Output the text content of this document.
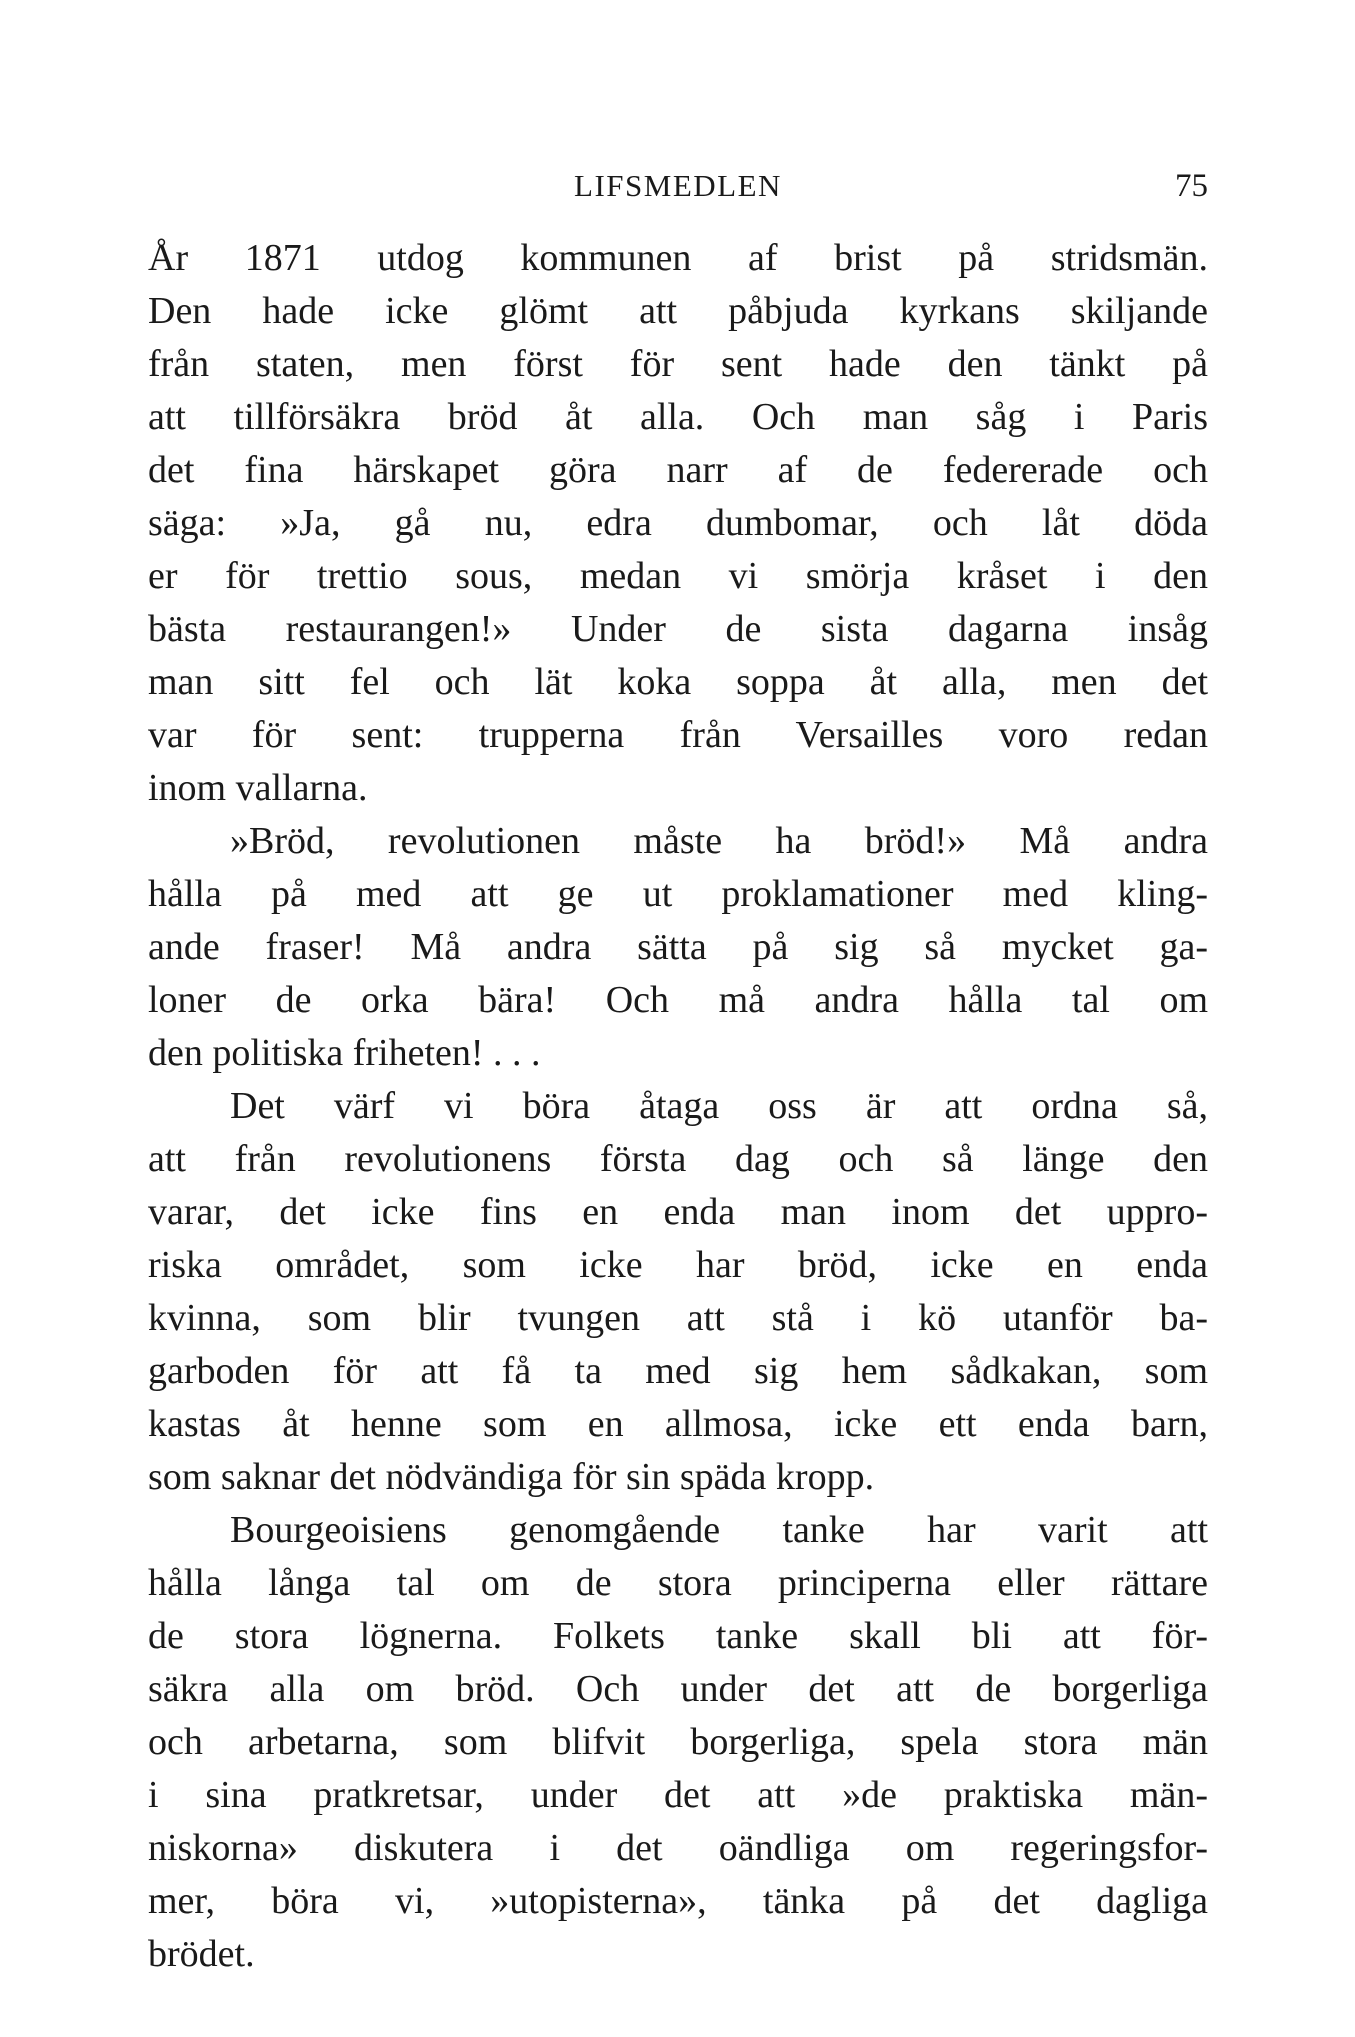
LIFSMEDLEN	75
År 1871 utdog kommunen af brist på stridsmän.
Den hade icke glömt att påbjuda kyrkans skiljande
från staten, men först för sent hade den tänkt på
att tillförsäkra bröd åt alla. Och man såg i Paris
det fina härskapet göra narr af de federerade och
säga: »Ja, gå nu, edra dumbomar, och låt döda
er för trettio sous, medan vi smörja kråset i den
bästa restaurangen!» Under de sista dagarna insåg
man sitt fel och lät koka soppa åt alla, men det
var för sent: trupperna från Versailles voro redan
inom vallarna.
»Bröd, revolutionen måste ha bröd!» Må andra
hålla på med att ge ut proklamationer med kling-
ande fraser! Må andra sätta på sig så mycket ga-
loner de orka bära! Och må andra hålla tal om
den politiska friheten! . . .
Det värf vi böra åtaga oss är att ordna så,
att från revolutionens första dag och så länge den
varar, det icke fins en enda man inom det uppro-
riska området, som icke har bröd, icke en enda
kvinna, som blir tvungen att stå i kö utanför ba-
garboden för att få ta med sig hem sådkakan, som
kastas åt henne som en allmosa, icke ett enda barn,
som saknar det nödvändiga för sin späda kropp.
Bourgeoisiens genomgående tanke har varit att
hålla långa tal om de stora principerna eller rättare
de stora lögnerna. Folkets tanke skall bli att för-
säkra alla om bröd. Och under det att de borgerliga
och arbetarna, som blifvit borgerliga, spela stora män
i sina pratkretsar, under det att »de praktiska män-
niskorna» diskutera i det oändliga om regeringsfor-
mer, böra vi, »utopisterna», tänka på det dagliga
brödet.
